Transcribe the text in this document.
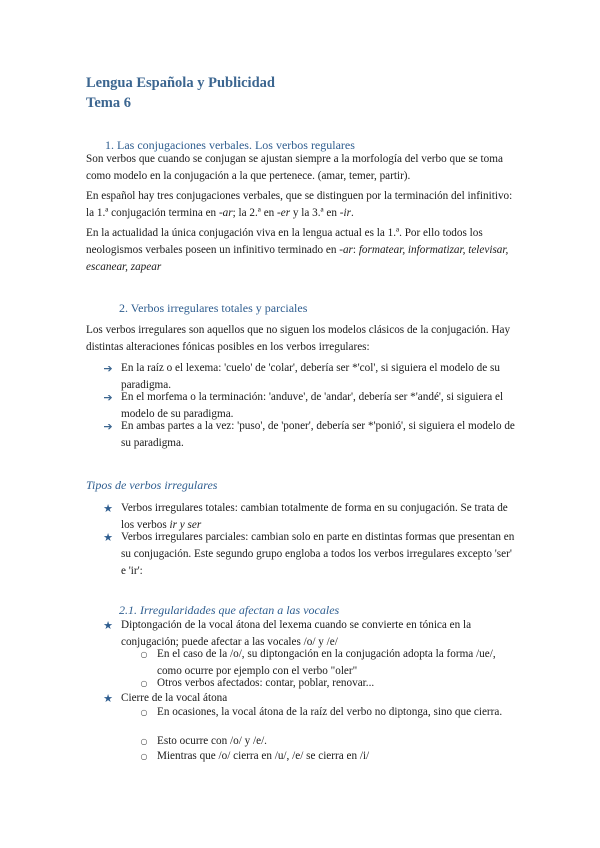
Lengua Española y Publicidad
Tema 6
1. Las conjugaciones verbales. Los verbos regulares

Son verbos que cuando se conjugan se ajustan siempre a la morfología del verbo que se toma como modelo en la conjugación a la que pertenece. (amar, temer, partir).

En español hay tres conjugaciones verbales, que se distinguen por la terminación del infinitivo: la 1.ª conjugación termina en -ar; la 2.ª en -er y la 3.ª en -ir.

En la actualidad la única conjugación viva en la lengua actual es la 1.ª. Por ello todos los neologismos verbales poseen un infinitivo terminado en -ar: formatear, informatizar, televisar, escanear, zapear

2. Verbos irregulares totales y parciales

Los verbos irregulares son aquellos que no siguen los modelos clásicos de la conjugación. Hay distintas alteraciones fónicas posibles en los verbos irregulares:

➔ En la raíz o el lexema: 'cuelo' de 'colar', debería ser *'col', si siguiera el modelo de su paradigma.
➔ En el morfema o la terminación: 'anduve', de 'andar', debería ser *'andé', si siguiera el modelo de su paradigma.
➔ En ambas partes a la vez: 'puso', de 'poner', debería ser *'ponió', si siguiera el modelo de su paradigma.
Tipos de verbos irregulares
★ Verbos irregulares totales: cambian totalmente de forma en su conjugación. Se trata de los verbos ir y ser
★ Verbos irregulares parciales: cambian solo en parte en distintas formas que presentan en su conjugación. Este segundo grupo engloba a todos los verbos irregulares excepto 'ser' e 'ir':
2.1. Irregularidades que afectan a las vocales
★ Diptongación de la vocal átona del lexema cuando se convierte en tónica en la conjugación; puede afectar a las vocales /o/ y /e/
○ En el caso de la /o/, su diptongación en la conjugación adopta la forma /ue/, como ocurre por ejemplo con el verbo "oler"
○ Otros verbos afectados: contar, poblar, renovar...
★ Cierre de la vocal átona
○ En ocasiones, la vocal átona de la raíz del verbo no diptonga, sino que cierra.
○ Esto ocurre con /o/ y /e/.
○ Mientras que /o/ cierra en /u/, /e/ se cierra en /i/
